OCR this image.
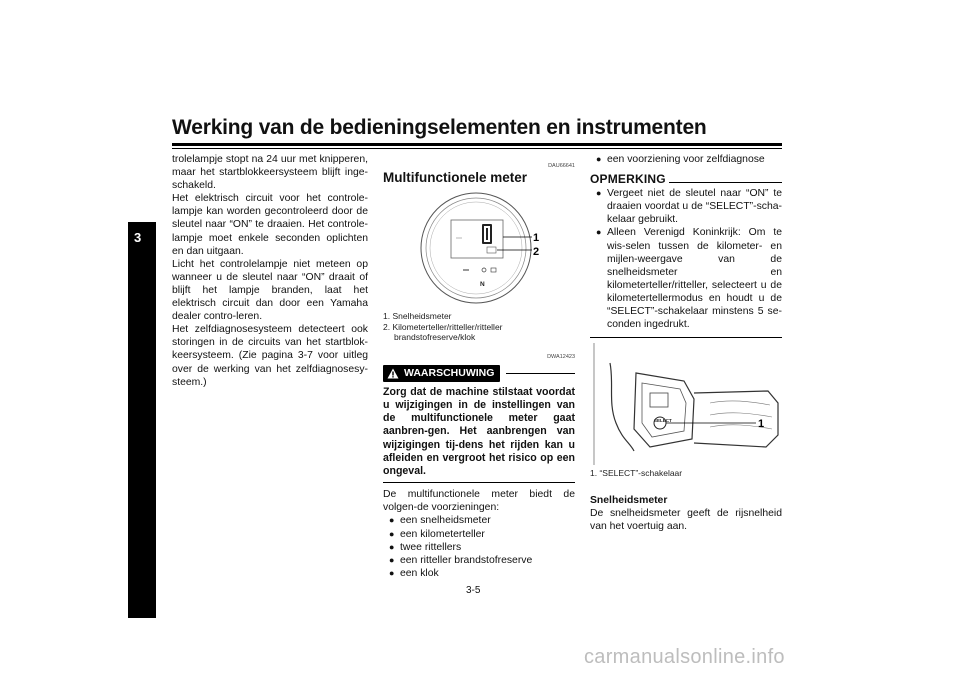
Werking van de bedieningselementen en instrumenten
3

trolelampje stopt na 24 uur met knipperen, maar het startblokkeersysteem blijft inge-schakeld.

Het elektrisch circuit voor het controle-lampje kan worden gecontroleerd door de sleutel naar “ON” te draaien. Het controle-lampje moet enkele seconden oplichten en dan uitgaan.

Licht het controlelampje niet meteen op wanneer u de sleutel naar “ON” draait of blijft het lampje branden, laat het elektrisch circuit dan door een Yamaha dealer contro-leren.

Het zelfdiagnosesysteem detecteert ook storingen in de circuits van het startblok-keersysteem. (Zie pagina 3-7 voor uitleg over de werking van het zelfdiagnosesy-steem.)

DAU66641
Multifunctionele meter
N
1
2
1. Snelheidsmeter
2. Kilometerteller/ritteller/ritteller
brandstofreserve/klok
DWA12423
WAARSCHUWING
Zorg dat de machine stilstaat voordat u wijzigingen in de instellingen van de multifunctionele meter gaat aanbren-gen. Het aanbrengen van wijzigingen tij-dens het rijden kan u afleiden en vergroot het risico op een ongeval.

De multifunctionele meter biedt de volgen-de voorzieningen:

● een snelheidsmeter
● een kilometerteller
● twee rittellers
● een ritteller brandstofreserve
● een klok
● een voorziening voor zelfdiagnose
OPMERKING
● Vergeet niet de sleutel naar “ON” te draaien voordat u de “SELECT”-scha-kelaar gebruikt.
● Alleen Verenigd Koninkrijk: Om te wis-selen tussen de kilometer- en mijlen-weergave van de snelheidsmeter en kilometerteller/ritteller, selecteert u de kilometertellermodus en houdt u de “SELECT”-schakelaar minstens 5 se-conden ingedrukt.
SELECT	1
1. “SELECT”-schakelaar
Snelheidsmeter

De snelheidsmeter geeft de rijsnelheid van het voertuig aan.

3-5
carmanualsonline.info
